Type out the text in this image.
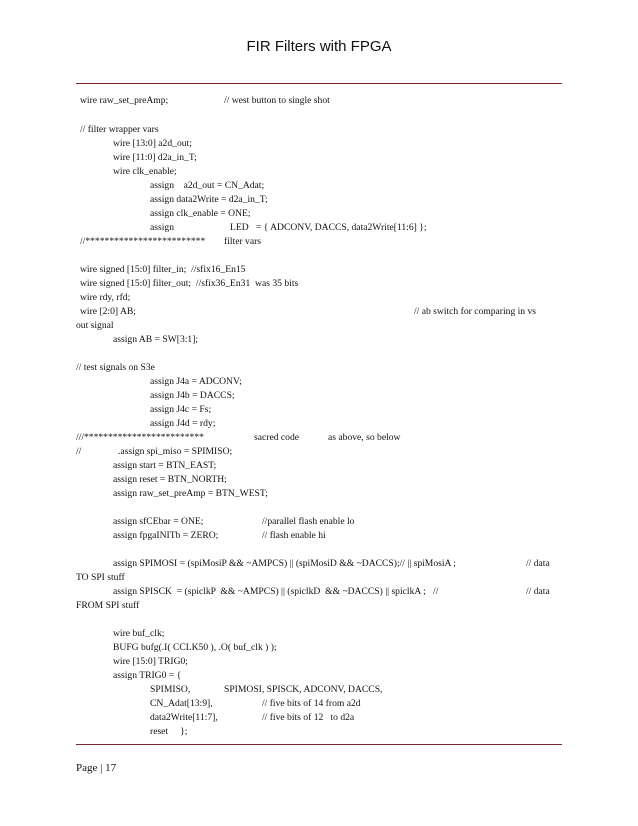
FIR Filters with FPGA
wire raw_set_preAmp;	// west button to single shot
// filter wrapper vars
wire [13:0] a2d_out;
wire [11:0] d2a_in_T;
wire clk_enable;
assign    a2d_out = CN_Adat;
assign data2Write = d2a_in_T;
assign clk_enable = ONE;
assign	LED   = { ADCONV, DACCS, data2Write[11:6] };
//************************* filter vars
wire signed [15:0] filter_in;  //sfix16_En15
wire signed [15:0] filter_out;  //sfix36_En31  was 35 bits
wire rdy, rfd;
wire [2:0] AB;	// ab switch for comparing in vs
out signal
assign AB = SW[3:1];
// test signals on S3e
assign J4a = ADCONV;
assign J4b = DACCS;
assign J4c = Fs;
assign J4d = rdy;
///*************************	sacred code	as above, so below
//	.assign spi_miso = SPIMISO;
assign start = BTN_EAST;
assign reset = BTN_NORTH;
assign raw_set_preAmp = BTN_WEST;
assign sfCEbar = ONE;	//parallel flash enable lo
assign fpgaINITb = ZERO;	// flash enable hi
assign SPIMOSI = (spiMosiP && ~AMPCS) || (spiMosiD && ~DACCS);// || spiMosiA ;	// data
TO SPI stuff
assign SPISCK  = (spiclkP  && ~AMPCS) || (spiclkD  && ~DACCS) || spiclkA ;   //	// data
FROM SPI stuff
wire buf_clk;
BUFG bufg(.I( CCLK50 ), .O( buf_clk ) );
wire [15:0] TRIG0;
assign TRIG0 = {
SPIMISO,	SPIMOSI, SPISCK, ADCONV, DACCS,
CN_Adat[13:9],	// five bits of 14 from a2d
data2Write[11:7],	// five bits of 12   to d2a
reset     };
Page | 17
